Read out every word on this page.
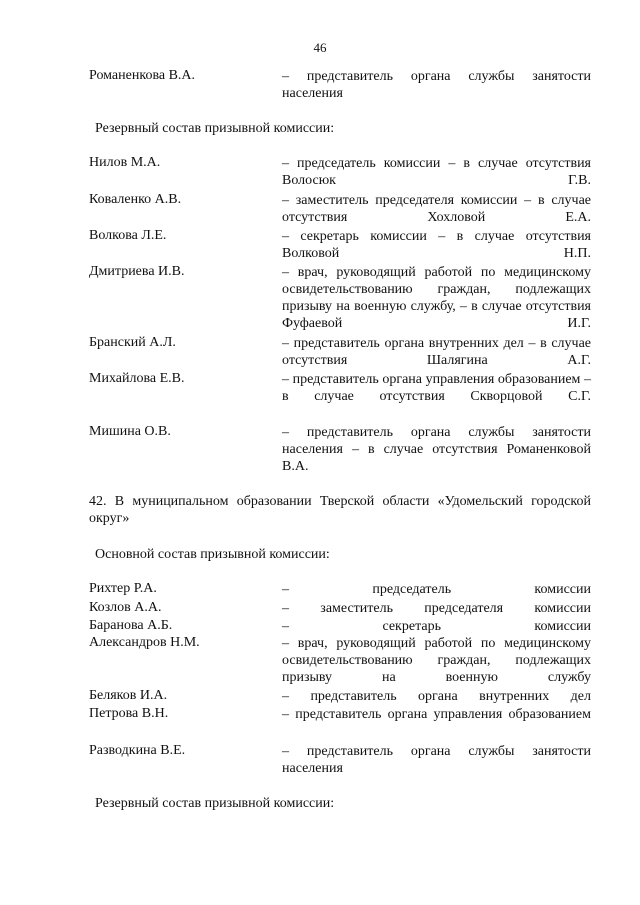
46
Романенкова В.А.	– представитель органа службы занятости населения
Резервный состав призывной комиссии:
Нилов М.А.	– председатель комиссии – в случае отсутствия Волосюк Г.В.
Коваленко А.В.	– заместитель председателя комиссии – в случае отсутствия Хохловой Е.А.
Волкова Л.Е.	– секретарь комиссии – в случае отсутствия Волковой Н.П.
Дмитриева И.В.	– врач, руководящий работой по медицинскому освидетельствованию граждан, подлежащих призыву на военную службу, – в случае отсутствия Фуфаевой И.Г.
Бранский А.Л.	– представитель органа внутренних дел – в случае отсутствия Шалягина А.Г.
Михайлова Е.В.	– представитель органа управления образованием – в случае отсутствия Скворцовой С.Г.
Мишина О.В.	– представитель органа службы занятости населения – в случае отсутствия Романенковой В.А.
42. В муниципальном образовании Тверской области «Удомельский городской округ»
Основной состав призывной комиссии:
Рихтер Р.А.	– председатель комиссии
Козлов А.А.	– заместитель председателя комиссии
Баранова А.Б.	– секретарь комиссии
Александров Н.М.	– врач, руководящий работой по медицинскому освидетельствованию граждан, подлежащих призыву на военную службу
Беляков И.А.	– представитель органа внутренних дел
Петрова В.Н.	– представитель органа управления образованием
Разводкина В.Е.	– представитель органа службы занятости населения
Резервный состав призывной комиссии:
